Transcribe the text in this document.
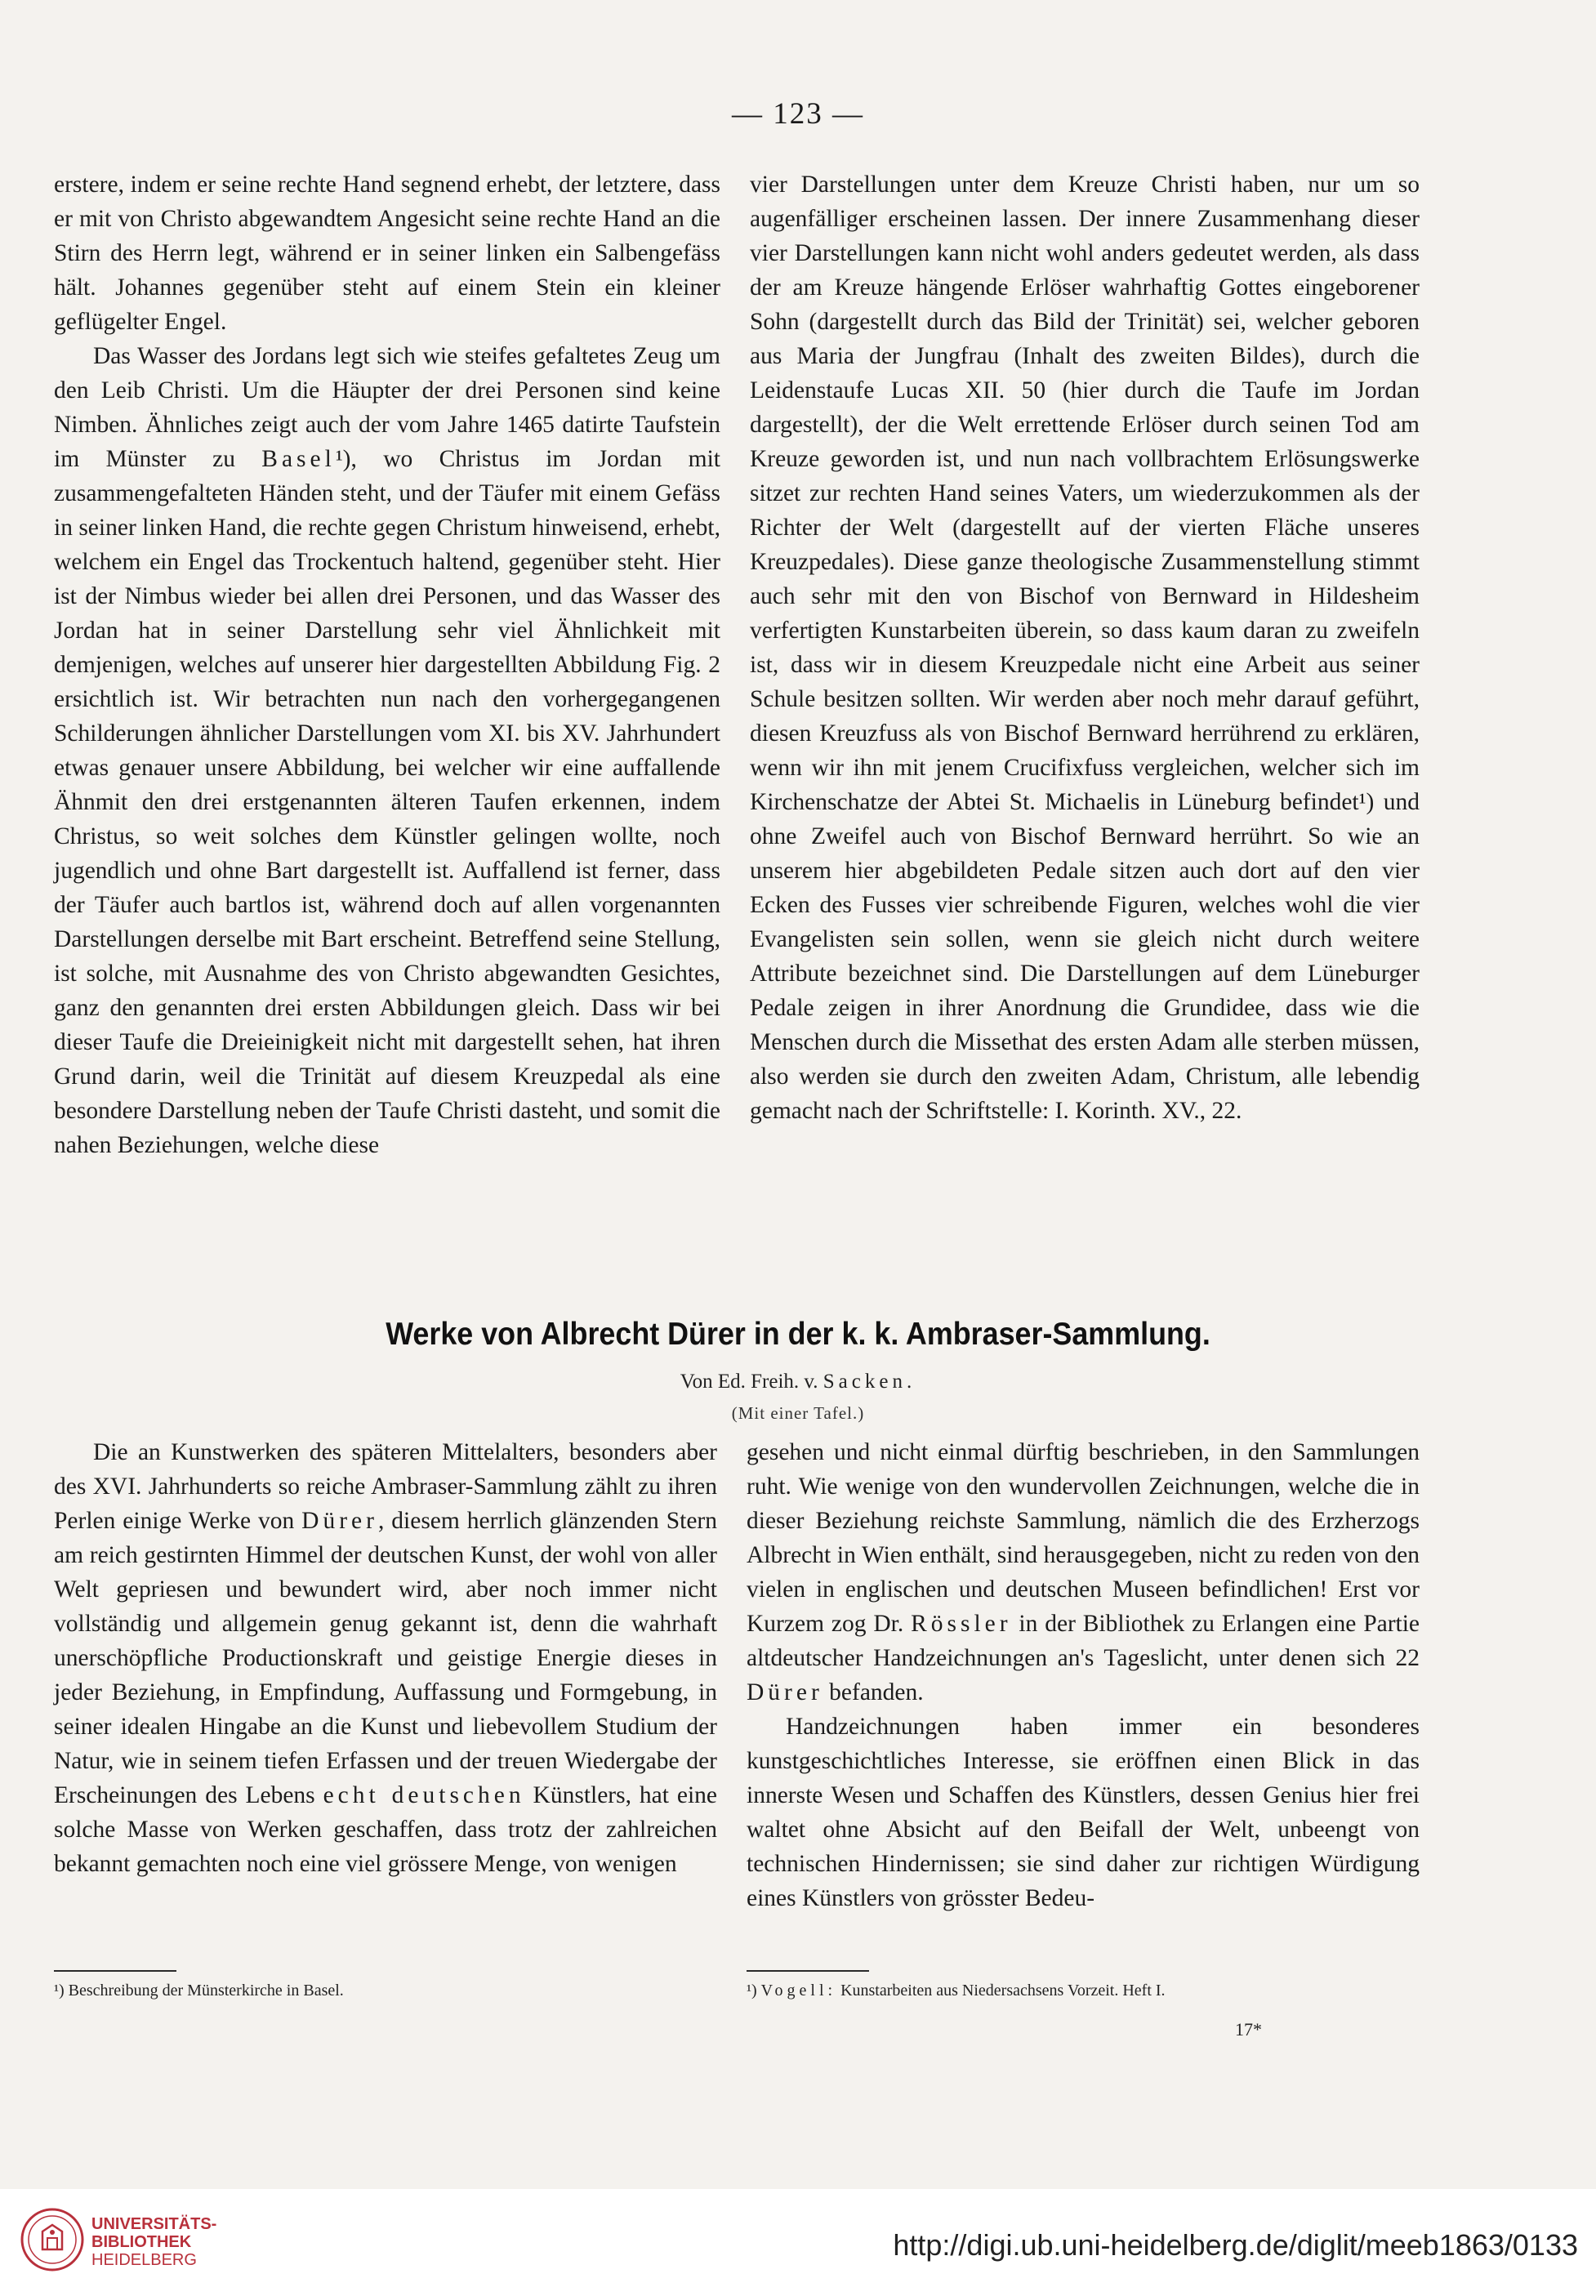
— 123 —

erstere, indem er seine rechte Hand segnend erhebt, der letztere, dass er mit von Christo abgewandtem Angesicht seine rechte Hand an die Stirn des Herrn legt, während er in seiner linken ein Salbengefäss hält. Johannes gegenüber steht auf einem Stein ein kleiner geflügelter Engel.

Das Wasser des Jordans legt sich wie steifes gefaltetes Zeug um den Leib Christi. Um die Häupter der drei Personen sind keine Nimben. Ähnliches zeigt auch der vom Jahre 1465 datirte Taufstein im Münster zu Basel¹), wo Christus im Jordan mit zusammengefalteten Händen steht, und der Täufer mit einem Gefäss in seiner linken Hand, die rechte gegen Christum hinweisend, erhebt, welchem ein Engel das Trockentuch haltend, gegenüber steht. Hier ist der Nimbus wieder bei allen drei Personen, und das Wasser des Jordan hat in seiner Darstellung sehr viel Ähnlichkeit mit demjenigen, welches auf unserer hier dargestellten Abbildung Fig. 2 ersichtlich ist. Wir betrachten nun nach den vorhergegangenen Schilderungen ähnlicher Darstellungen vom XI. bis XV. Jahrhundert etwas genauer unsere Abbildung, bei welcher wir eine auffallende Ähnmit den drei erstgenannten älteren Taufen erkennen, indem Christus, so weit solches dem Künstler gelingen wollte, noch jugendlich und ohne Bart dargestellt ist. Auffallend ist ferner, dass der Täufer auch bartlos ist, während doch auf allen vorgenannten Darstellungen derselbe mit Bart erscheint. Betreffend seine Stellung, ist solche, mit Ausnahme des von Christo abgewandten Gesichtes, ganz den genannten drei ersten Abbildungen gleich. Dass wir bei dieser Taufe die Dreieinigkeit nicht mit dargestellt sehen, hat ihren Grund darin, weil die Trinität auf diesem Kreuzpedal als eine besondere Darstellung neben der Taufe Christi dasteht, und somit die nahen Beziehungen, welche diese

vier Darstellungen unter dem Kreuze Christi haben, nur um so augenfälliger erscheinen lassen. Der innere Zusammenhang dieser vier Darstellungen kann nicht wohl anders gedeutet werden, als dass der am Kreuze hängende Erlöser wahrhaftig Gottes eingeborener Sohn (dargestellt durch das Bild der Trinität) sei, welcher geboren aus Maria der Jungfrau (Inhalt des zweiten Bildes), durch die Leidenstaufe Lucas XII. 50 (hier durch die Taufe im Jordan dargestellt), der die Welt errettende Erlöser durch seinen Tod am Kreuze geworden ist, und nun nach vollbrachtem Erlösungswerke sitzet zur rechten Hand seines Vaters, um wiederzukommen als der Richter der Welt (dargestellt auf der vierten Fläche unseres Kreuzpedales). Diese ganze theologische Zusammenstellung stimmt auch sehr mit den von Bischof von Bernward in Hildesheim verfertigten Kunstarbeiten überein, so dass kaum daran zu zweifeln ist, dass wir in diesem Kreuzpedale nicht eine Arbeit aus seiner Schule besitzen sollten. Wir werden aber noch mehr darauf geführt, diesen Kreuzfuss als von Bischof Bernward herrührend zu erklären, wenn wir ihn mit jenem Crucifixfuss vergleichen, welcher sich im Kirchenschatze der Abtei St. Michaelis in Lüneburg befindet¹) und ohne Zweifel auch von Bischof Bernward herrührt. So wie an unserem hier abgebildeten Pedale sitzen auch dort auf den vier Ecken des Fusses vier schreibende Figuren, welches wohl die vier Evangelisten sein sollen, wenn sie gleich nicht durch weitere Attribute bezeichnet sind. Die Darstellungen auf dem Lüneburger Pedale zeigen in ihrer Anordnung die Grundidee, dass wie die Menschen durch die Missethat des ersten Adam alle sterben müssen, also werden sie durch den zweiten Adam, Christum, alle lebendig gemacht nach der Schriftstelle: I. Korinth. XV., 22.

Werke von Albrecht Dürer in der k. k. Ambraser-Sammlung.
Von Ed. Freih. v. Sacken.
(Mit einer Tafel.)

Die an Kunstwerken des späteren Mittelalters, besonders aber des XVI. Jahrhunderts so reiche Ambraser-Sammlung zählt zu ihren Perlen einige Werke von Dürer, diesem herrlich glänzenden Stern am reich gestirnten Himmel der deutschen Kunst, der wohl von aller Welt gepriesen und bewundert wird, aber noch immer nicht vollständig und allgemein genug gekannt ist, denn die wahrhaft unerschöpfliche Productionskraft und geistige Energie dieses in jeder Beziehung, in Empfindung, Auffassung und Formgebung, in seiner idealen Hingabe an die Kunst und liebevollem Studium der Natur, wie in seinem tiefen Erfassen und der treuen Wiedergabe der Erscheinungen des Lebens echt deutschen Künstlers, hat eine solche Masse von Werken geschaffen, dass trotz der zahlreichen bekannt gemachten noch eine viel grössere Menge, von wenigen

gesehen und nicht einmal dürftig beschrieben, in den Sammlungen ruht. Wie wenige von den wundervollen Zeichnungen, welche die in dieser Beziehung reichste Sammlung, nämlich die des Erzherzogs Albrecht in Wien enthält, sind herausgegeben, nicht zu reden von den vielen in englischen und deutschen Museen befindlichen! Erst vor Kurzem zog Dr. Rössler in der Bibliothek zu Erlangen eine Partie altdeutscher Handzeichnungen an's Tageslicht, unter denen sich 22 Dürer befanden.

Handzeichnungen haben immer ein besonderes kunstgeschichtliches Interesse, sie eröffnen einen Blick in das innerste Wesen und Schaffen des Künstlers, dessen Genius hier frei waltet ohne Absicht auf den Beifall der Welt, unbeengt von technischen Hindernissen; sie sind daher zur richtigen Würdigung eines Künstlers von grösster Bedeu-

¹) Beschreibung der Münsterkirche in Basel.	¹) Vogell: Kunstarbeiten aus Niedersachsens Vorzeit. Heft I.
17*
UNIVERSITÄTS-
BIBLIOTHEK
HEIDELBERG	http://digi.ub.uni-heidelberg.de/diglit/meeb1863/0133
